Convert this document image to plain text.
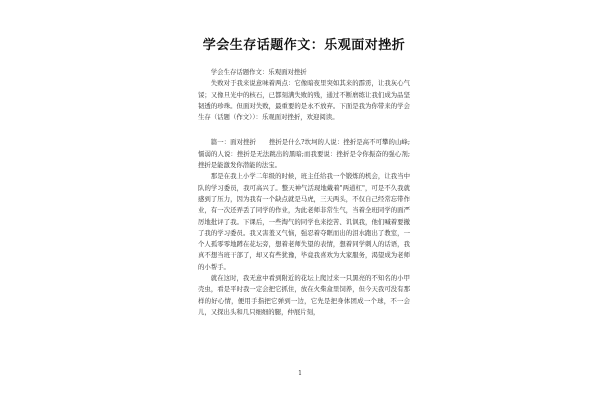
学会生存话题作文：乐观面对挫折

学会生存话题作文：乐观面对挫折

失败对于我来说意味着两点：它像暗夜里突如其来的霹雳，让我灰心气馁；又像旦光中的核石，已都刻满失败的残，通过不断磨练让我们成为品坚韧透的珍珠。但面对失败，最重要的是永不放弃。下面是我为你带来的学会生存（话题（作文））：乐观面对挫折，欢迎阅读。

篇一：面对挫折　　挫折是什么?坎坷的人说：挫折是高不可攀的山峰;懦弱的人说：挫折是无法跳出的黑暗;而我要说：挫折是令你振奋的强心剂;挫折是能激发你潜能的法宝。

那是在我上小学二年级的时候，班主任给我一个锻炼的机会，让我当中队的学习委员，我可高兴了。整天神气活现地戴着"两道杠"，可是不久我就感到了压力，因为我有一个缺点就是马虎，三天两头，不仅自己经常忘带作业，有一次还弄丢了同学的作业，为此老师非常生气，当着全班同学的面严厉地批评了我。下课后，一些淘气的同学也来挖苦、讥讽我，他们喊着要撤了我的学习委员。我又害羞又气恼，强忍着夺眶而出的泪水跑出了教室，一个人孤零零地蹲在花坛旁，想着老师失望的表情，想着同学刺人的话语，我真不想当班干部了，却又有些犹豫，毕竟我喜欢为大家服务，渴望成为老师的小帮手。

就在这时，我无意中看到附近的花坛上爬过来一只黑亮的不知名的小甲壳虫，看是平时我一定会把它抓住，放在火柴盒里饲养，但今天我可没有那样的好心情，便用手指把它弹到一边，它先是把身体团成一个球，不一会儿，又探出头和几只细细的腿，仲展片刻，

1
